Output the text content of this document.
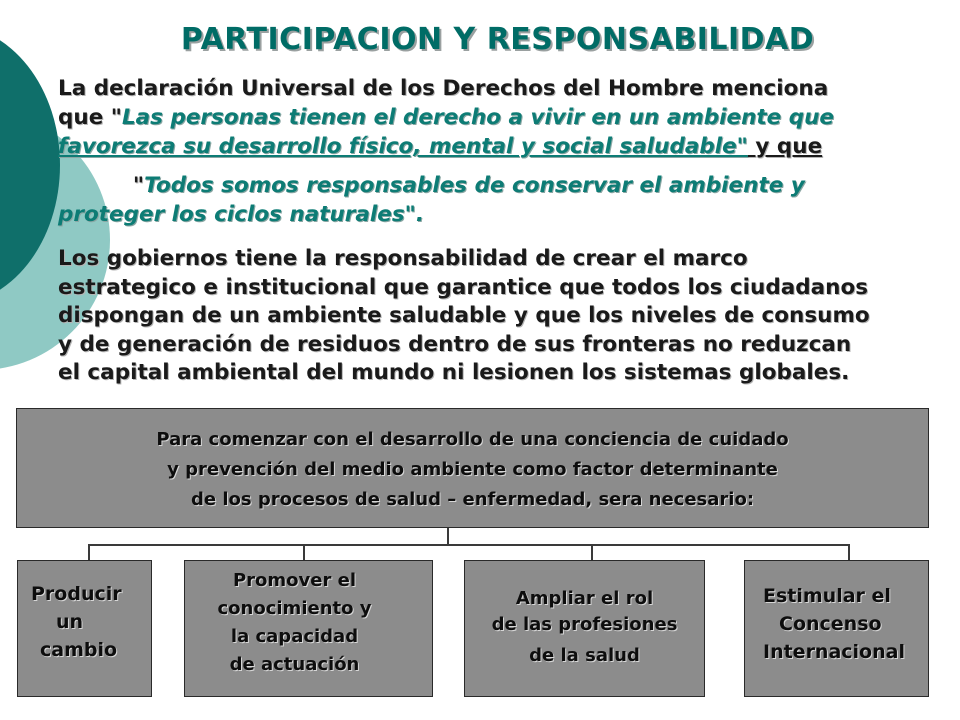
PARTICIPACION Y RESPONSABILIDAD
La declaración Universal de los Derechos del Hombre menciona
que "Las personas tienen el derecho a vivir en un ambiente que
favorezca su desarrollo físico, mental y social saludable" y que
"Todos somos responsables de conservar el ambiente y
proteger los ciclos naturales".
Los gobiernos tiene la responsabilidad de crear el marco
estrategico e institucional que garantice que todos los ciudadanos
dispongan de un ambiente saludable y que los niveles de consumo
y de generación de residuos dentro de sus fronteras no reduzcan
el capital ambiental del mundo ni lesionen los sistemas globales.
Para comenzar con el desarrollo de una conciencia de cuidado
y prevención del medio ambiente como factor determinante
de los procesos de salud – enfermedad, sera necesario:
Producir
un
cambio
Promover el
conocimiento y
la capacidad
de actuación
Ampliar el rol
de las profesiones
de la salud
Estimular el
Concenso
Internacional
